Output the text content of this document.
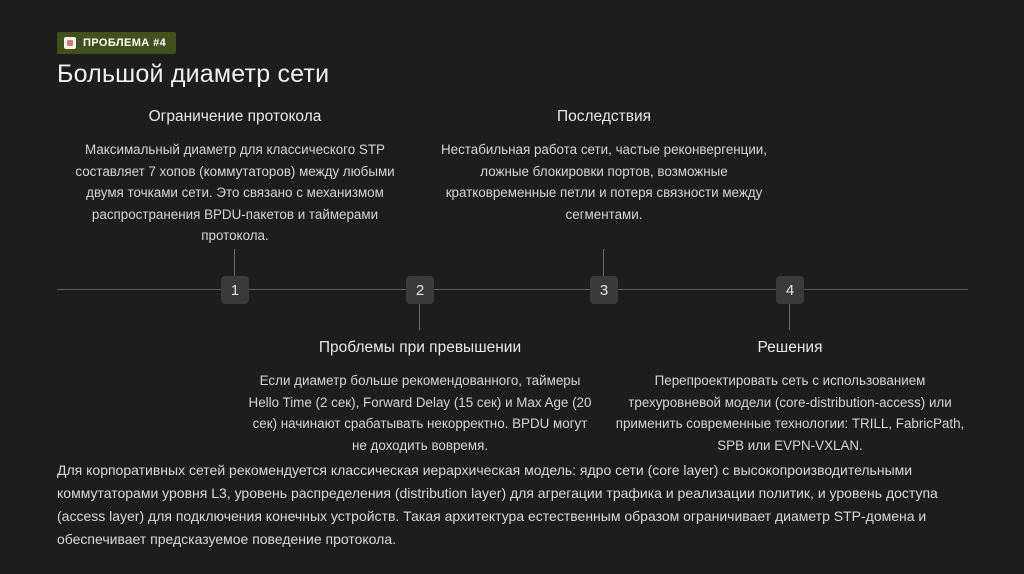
ПРОБЛЕМА #4
Большой диаметр сети
Ограничение протокола
Максимальный диаметр для классического STP составляет 7 хопов (коммутаторов) между любыми двумя точками сети. Это связано с механизмом распространения BPDU-пакетов и таймерами протокола.
Последствия
Нестабильная работа сети, частые реконвергенции, ложные блокировки портов, возможные кратковременные петли и потеря связности между сегментами.
1	2	3	4
Проблемы при превышении
Если диаметр больше рекомендованного, таймеры Hello Time (2 сек), Forward Delay (15 сек) и Max Age (20 сек) начинают срабатывать некорректно. BPDU могут не доходить вовремя.
Решения
Перепроектировать сеть с использованием трехуровневой модели (core-distribution-access) или применить современные технологии: TRILL, FabricPath, SPB или EVPN-VXLAN.

Для корпоративных сетей рекомендуется классическая иерархическая модель: ядро сети (core layer) с высокопроизводительными коммутаторами уровня L3, уровень распределения (distribution layer) для агрегации трафика и реализации политик, и уровень доступа (access layer) для подключения конечных устройств. Такая архитектура естественным образом ограничивает диаметр STP-домена и обеспечивает предсказуемое поведение протокола.
